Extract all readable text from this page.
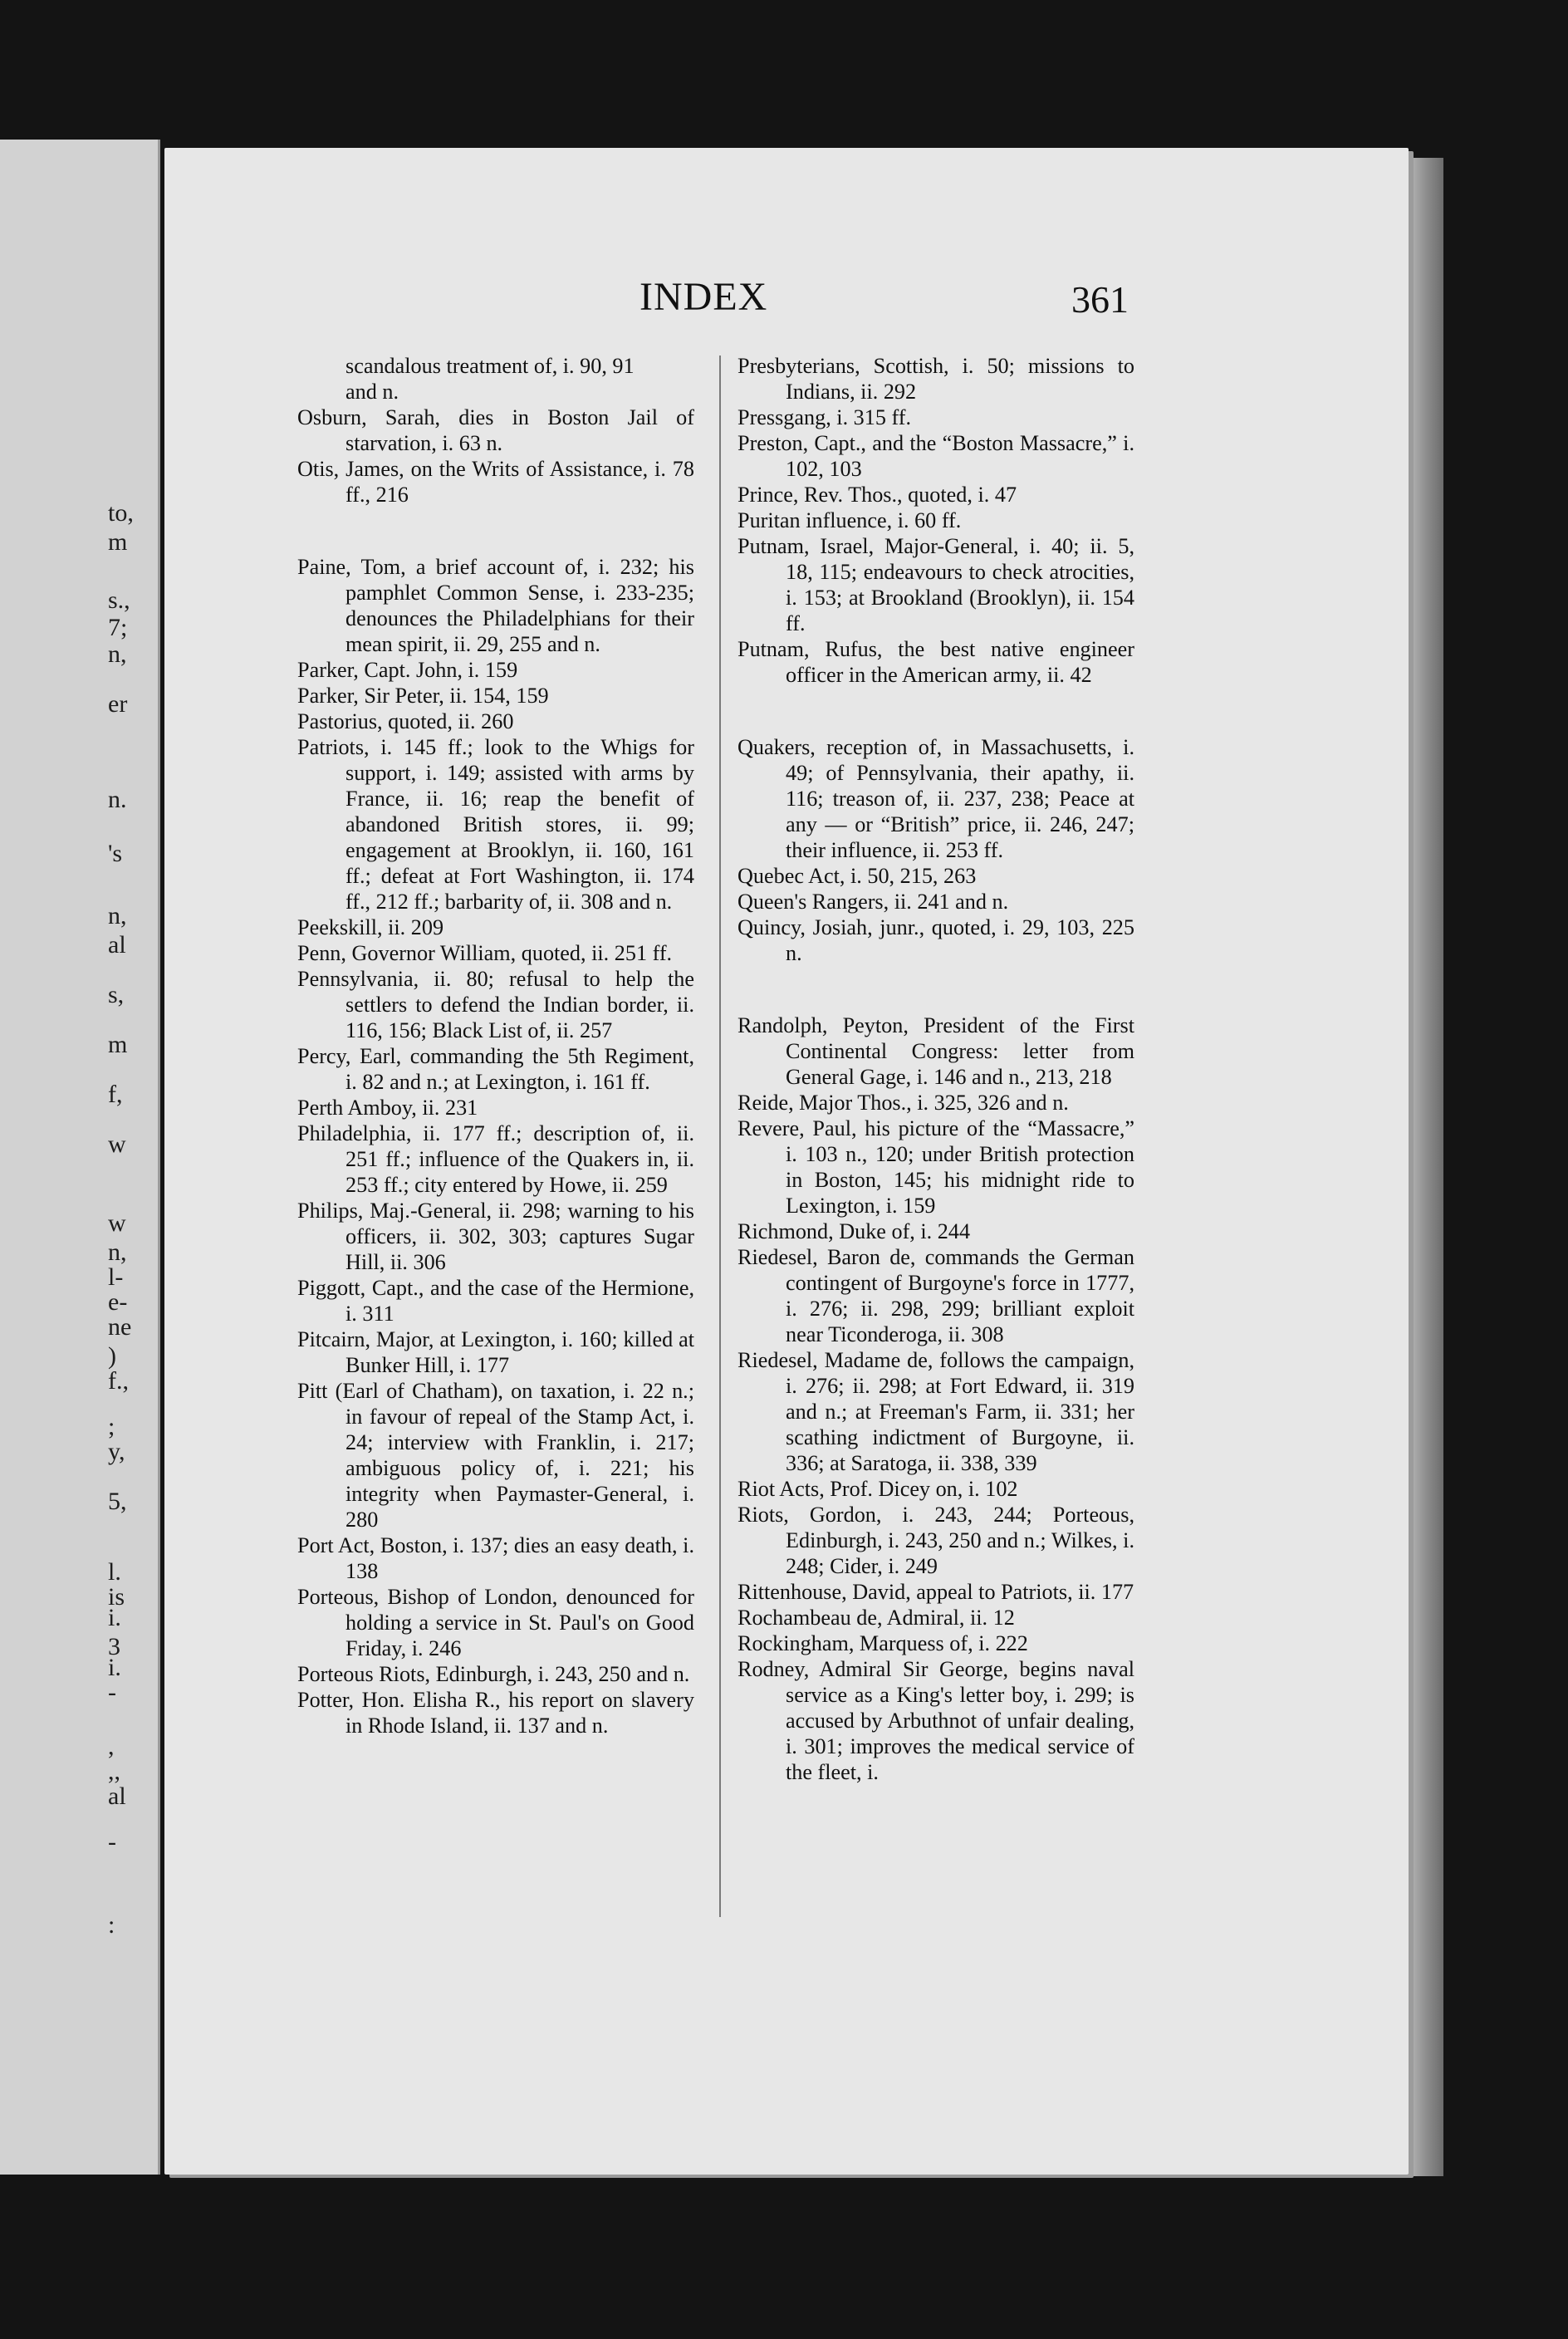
to,
m
s.,
7;
n,
er
n.
's
n,
al
s,
m
f,
w
w
n,
l-
e-
ne
)
f.,
;
y,
5,
l.
is
i.
3
i.
-
,
,,
al
-
:
INDEX	361

scandalous treatment of, i. 90, 91

and n.

Osburn, Sarah, dies in Boston Jail of starvation, i. 63 n.

Otis, James, on the Writs of Assistance, i. 78 ff., 216

Paine, Tom, a brief account of, i. 232; his pamphlet Common Sense, i. 233-235; denounces the Philadelphians for their mean spirit, ii. 29, 255 and n.

Parker, Capt. John, i. 159

Parker, Sir Peter, ii. 154, 159

Pastorius, quoted, ii. 260

Patriots, i. 145 ff.; look to the Whigs for support, i. 149; assisted with arms by France, ii. 16; reap the benefit of abandoned British stores, ii. 99; engagement at Brooklyn, ii. 160, 161 ff.; defeat at Fort Washington, ii. 174 ff., 212 ff.; barbarity of, ii. 308 and n.

Peekskill, ii. 209

Penn, Governor William, quoted, ii. 251 ff.

Pennsylvania, ii. 80; refusal to help the settlers to defend the Indian border, ii. 116, 156; Black List of, ii. 257

Percy, Earl, commanding the 5th Regiment, i. 82 and n.; at Lexington, i. 161 ff.

Perth Amboy, ii. 231

Philadelphia, ii. 177 ff.; description of, ii. 251 ff.; influence of the Quakers in, ii. 253 ff.; city entered by Howe, ii. 259

Philips, Maj.-General, ii. 298; warning to his officers, ii. 302, 303; captures Sugar Hill, ii. 306

Piggott, Capt., and the case of the Hermione, i. 311

Pitcairn, Major, at Lexington, i. 160; killed at Bunker Hill, i. 177

Pitt (Earl of Chatham), on taxation, i. 22 n.; in favour of repeal of the Stamp Act, i. 24; interview with Franklin, i. 217; ambiguous policy of, i. 221; his integrity when Paymaster-General, i. 280

Port Act, Boston, i. 137; dies an easy death, i. 138

Porteous, Bishop of London, denounced for holding a service in St. Paul's on Good Friday, i. 246

Porteous Riots, Edinburgh, i. 243, 250 and n.

Potter, Hon. Elisha R., his report on slavery in Rhode Island, ii. 137 and n.

Presbyterians, Scottish, i. 50; missions to Indians, ii. 292

Pressgang, i. 315 ff.

Preston, Capt., and the “Boston Massacre,” i. 102, 103

Prince, Rev. Thos., quoted, i. 47

Puritan influence, i. 60 ff.

Putnam, Israel, Major-General, i. 40; ii. 5, 18, 115; endeavours to check atrocities, i. 153; at Brookland (Brooklyn), ii. 154 ff.

Putnam, Rufus, the best native engineer officer in the American army, ii. 42

Quakers, reception of, in Massachusetts, i. 49; of Pennsylvania, their apathy, ii. 116; treason of, ii. 237, 238; Peace at any — or “British” price, ii. 246, 247; their influence, ii. 253 ff.

Quebec Act, i. 50, 215, 263

Queen's Rangers, ii. 241 and n.

Quincy, Josiah, junr., quoted, i. 29, 103, 225 n.

Randolph, Peyton, President of the First Continental Congress: letter from General Gage, i. 146 and n., 213, 218

Reide, Major Thos., i. 325, 326 and n.

Revere, Paul, his picture of the “Massacre,” i. 103 n., 120; under British protection in Boston, 145; his midnight ride to Lexington, i. 159

Richmond, Duke of, i. 244

Riedesel, Baron de, commands the German contingent of Burgoyne's force in 1777, i. 276; ii. 298, 299; brilliant exploit near Ticonderoga, ii. 308

Riedesel, Madame de, follows the campaign, i. 276; ii. 298; at Fort Edward, ii. 319 and n.; at Freeman's Farm, ii. 331; her scathing indictment of Burgoyne, ii. 336; at Saratoga, ii. 338, 339

Riot Acts, Prof. Dicey on, i. 102

Riots, Gordon, i. 243, 244; Porteous, Edinburgh, i. 243, 250 and n.; Wilkes, i. 248; Cider, i. 249

Rittenhouse, David, appeal to Patriots, ii. 177

Rochambeau de, Admiral, ii. 12

Rockingham, Marquess of, i. 222

Rodney, Admiral Sir George, begins naval service as a King's letter boy, i. 299; is accused by Arbuthnot of unfair dealing, i. 301; improves the medical service of the fleet, i.
